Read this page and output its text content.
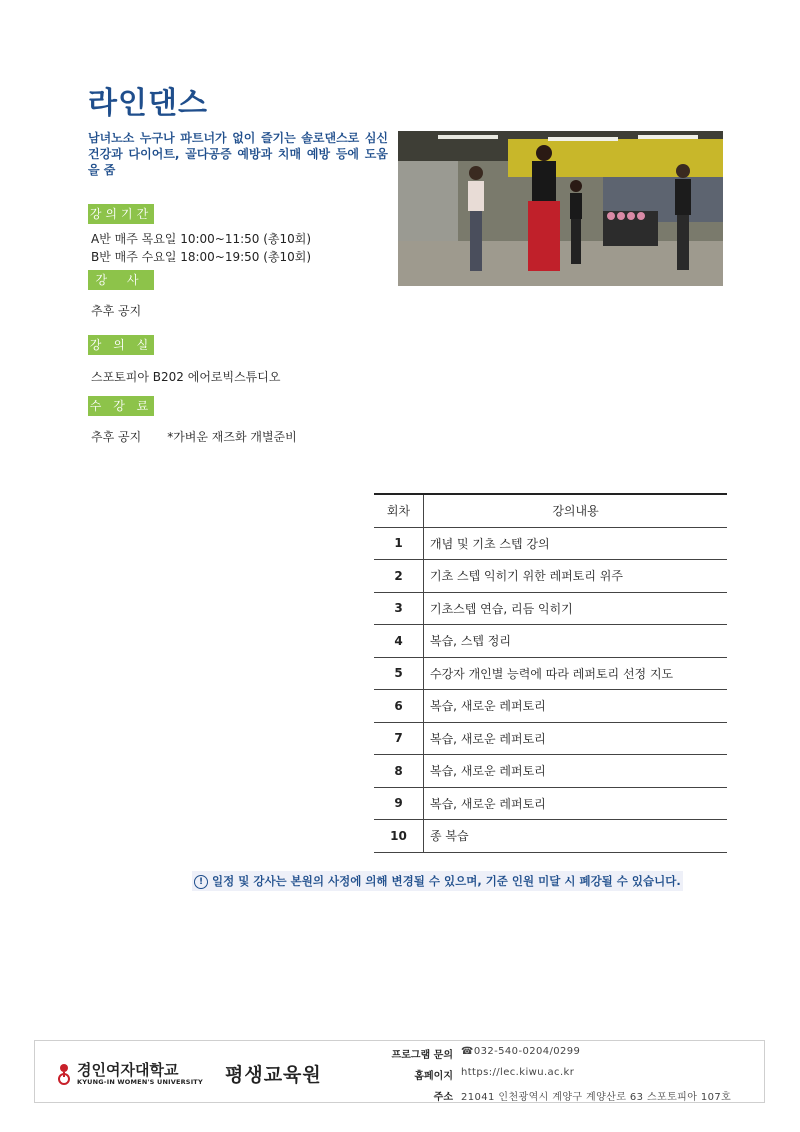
라인댄스

남녀노소 누구나 파트너가 없이 즐기는 솔로댄스로 심신 건강과 다이어트, 골다공증 예방과 치매 예방 등에 도움을 줌

강의기간

A반 매주 목요일 10:00~11:50 (총10회)

B반 매주 수요일 18:00~19:50 (총10회)

강 사

추후 공지

강 의 실

스포토피아 B202 에어로빅스튜디오

수 강 료

추후 공지 *가벼운 재즈화 개별준비

회차	강의내용
1	개념 및 기초 스텝 강의
2	기초 스텝 익히기 위한 레퍼토리 위주
3	기초스텝 연습, 리듬 익히기
4	복습, 스텝 정리
5	수강자 개인별 능력에 따라 레퍼토리 선정 지도
6	복습, 새로운 레퍼토리
7	복습, 새로운 레퍼토리
8	복습, 새로운 레퍼토리
9	복습, 새로운 레퍼토리
10	종 복습

! 일정 및 강사는 본원의 사정에 의해 변경될 수 있으며, 기준 인원 미달 시 폐강될 수 있습니다.

경인여자대학교
KYUNG-IN WOMEN'S UNIVERSITY 평생교육원
프로그램 문의 ☎032-540-0204/0299
홈페이지 https://lec.kiwu.ac.kr
주소 21041 인천광역시 계양구 계양산로 63 스포토피아 107호
